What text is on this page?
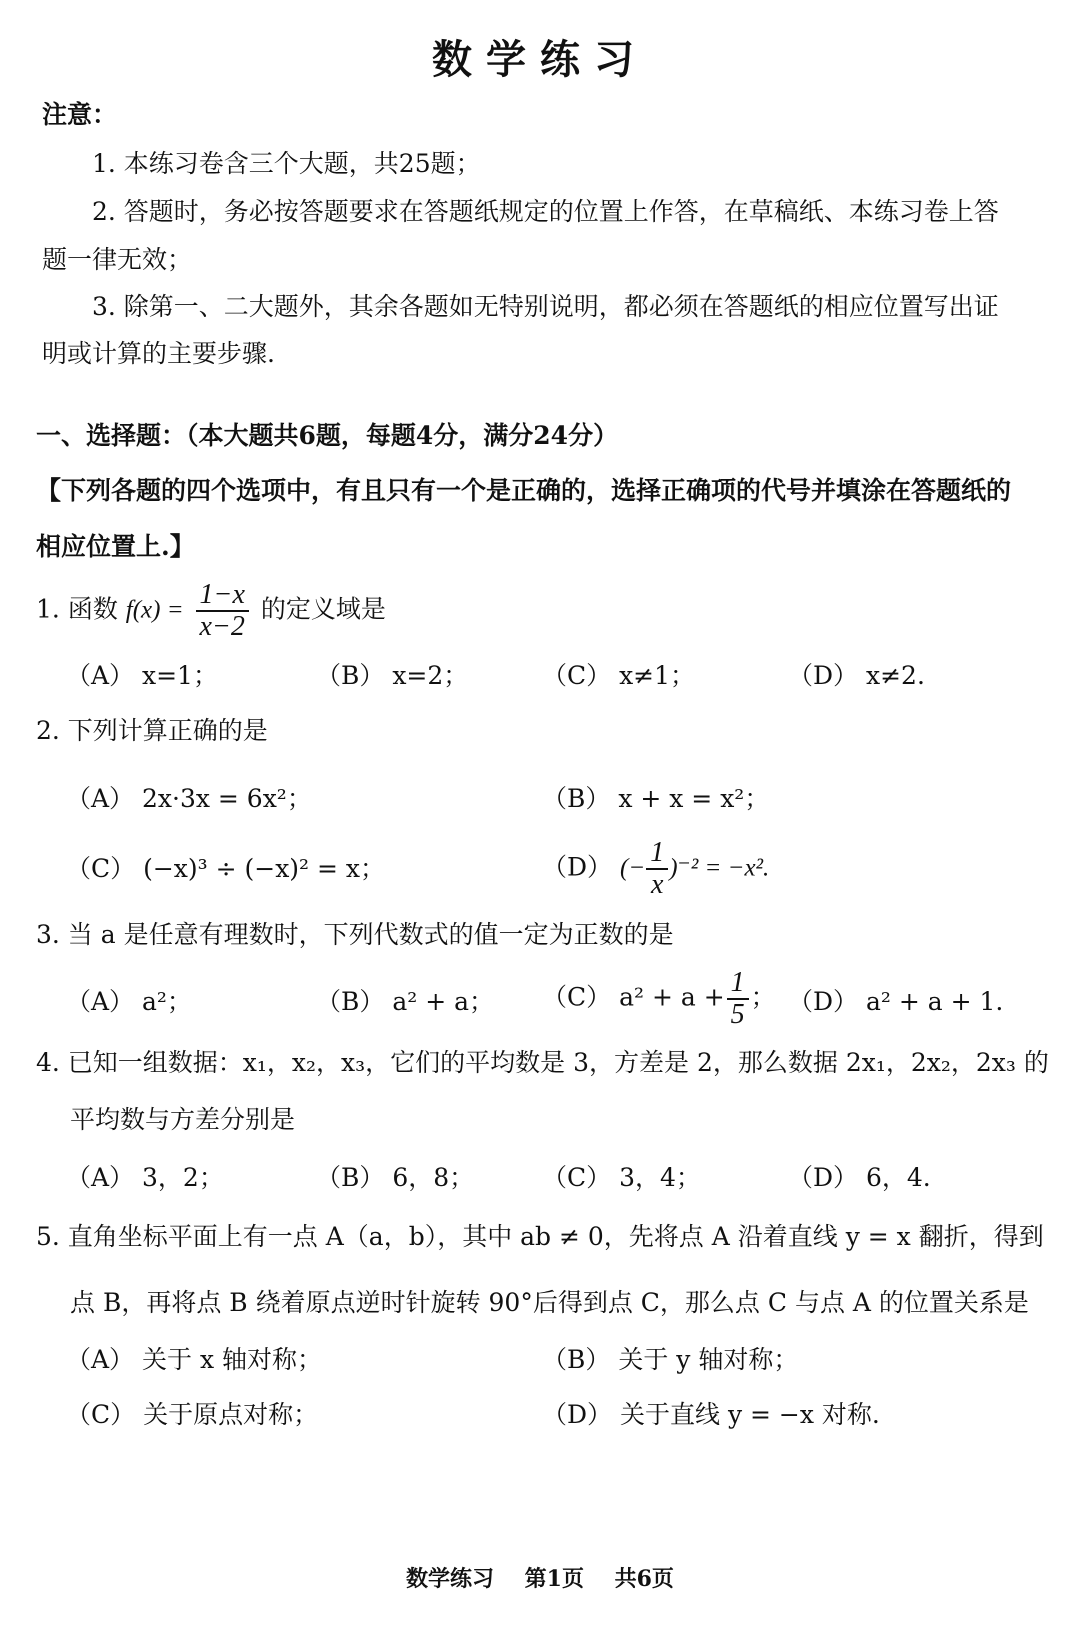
数学练习
注意：
1. 本练习卷含三个大题，共25题；
2. 答题时，务必按答题要求在答题纸规定的位置上作答，在草稿纸、本练习卷上答
题一律无效；
3. 除第一、二大题外，其余各题如无特别说明，都必须在答题纸的相应位置写出证
明或计算的主要步骤.
一、选择题：（本大题共6题，每题4分，满分24分）
【下列各题的四个选项中，有且只有一个是正确的，选择正确项的代号并填涂在答题纸的
相应位置上.】
1. 函数 $f(x) = \frac{1-x}{x-2}$ 的定义域是
（A） x=1；	（B） x=2；	（C） x≠1；	（D） x≠2.
2. 下列计算正确的是
（A） 2x·3x = 6x²；	（B） x + x = x²；
（C） (−x)³ ÷ (−x)² = x；	（D） (− $\frac{1}{x} )^{-2} = -x^2$.
3. 当 a 是任意有理数时，下列代数式的值一定为正数的是
（A） a²；	（B） a² + a； （C） $a^2 + a + \frac{1}{5}$ ； （D） a² + a + 1.
4. 已知一组数据：x₁，x₂，x₃，它们的平均数是 3，方差是 2，那么数据 2x₁，2x₂，2x₃ 的
平均数与方差分别是
（A） 3，2；	（B） 6，8；	（C） 3，4；	（D） 6，4.
5. 直角坐标平面上有一点 A（a，b），其中 ab ≠ 0，先将点 A 沿着直线 y = x 翻折，得到
点 B，再将点 B 绕着原点逆时针旋转 90°后得到点 C，那么点 C 与点 A 的位置关系是
（A） 关于 x 轴对称；	（B） 关于 y 轴对称；
（C） 关于原点对称；	（D） 关于直线 y = −x 对称.
数学练习    第1页    共6页
